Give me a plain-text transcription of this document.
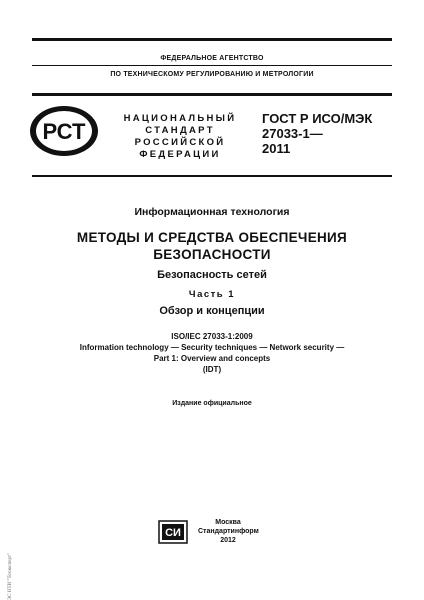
ФЕДЕРАЛЬНОЕ АГЕНТСТВО
ПО ТЕХНИЧЕСКОМУ РЕГУЛИРОВАНИЮ И МЕТРОЛОГИИ
РСТ
НАЦИОНАЛЬНЫЙ
СТАНДАРТ
РОССИЙСКОЙ
ФЕДЕРАЦИИ
ГОСТ Р ИСО/МЭК
27033-1—
2011
Информационная технология
МЕТОДЫ И СРЕДСТВА ОБЕСПЕЧЕНИЯ
БЕЗОПАСНОСТИ
Безопасность сетей
Часть 1
Обзор и концепции
ISO/IEC 27033-1:2009
Information technology — Security techniques — Network security —
Part 1: Overview and concepts
(IDT)
Издание официальное
СИ
Москва
Стандартинформ
2012
ЭС НТИ "Техэксперт"
